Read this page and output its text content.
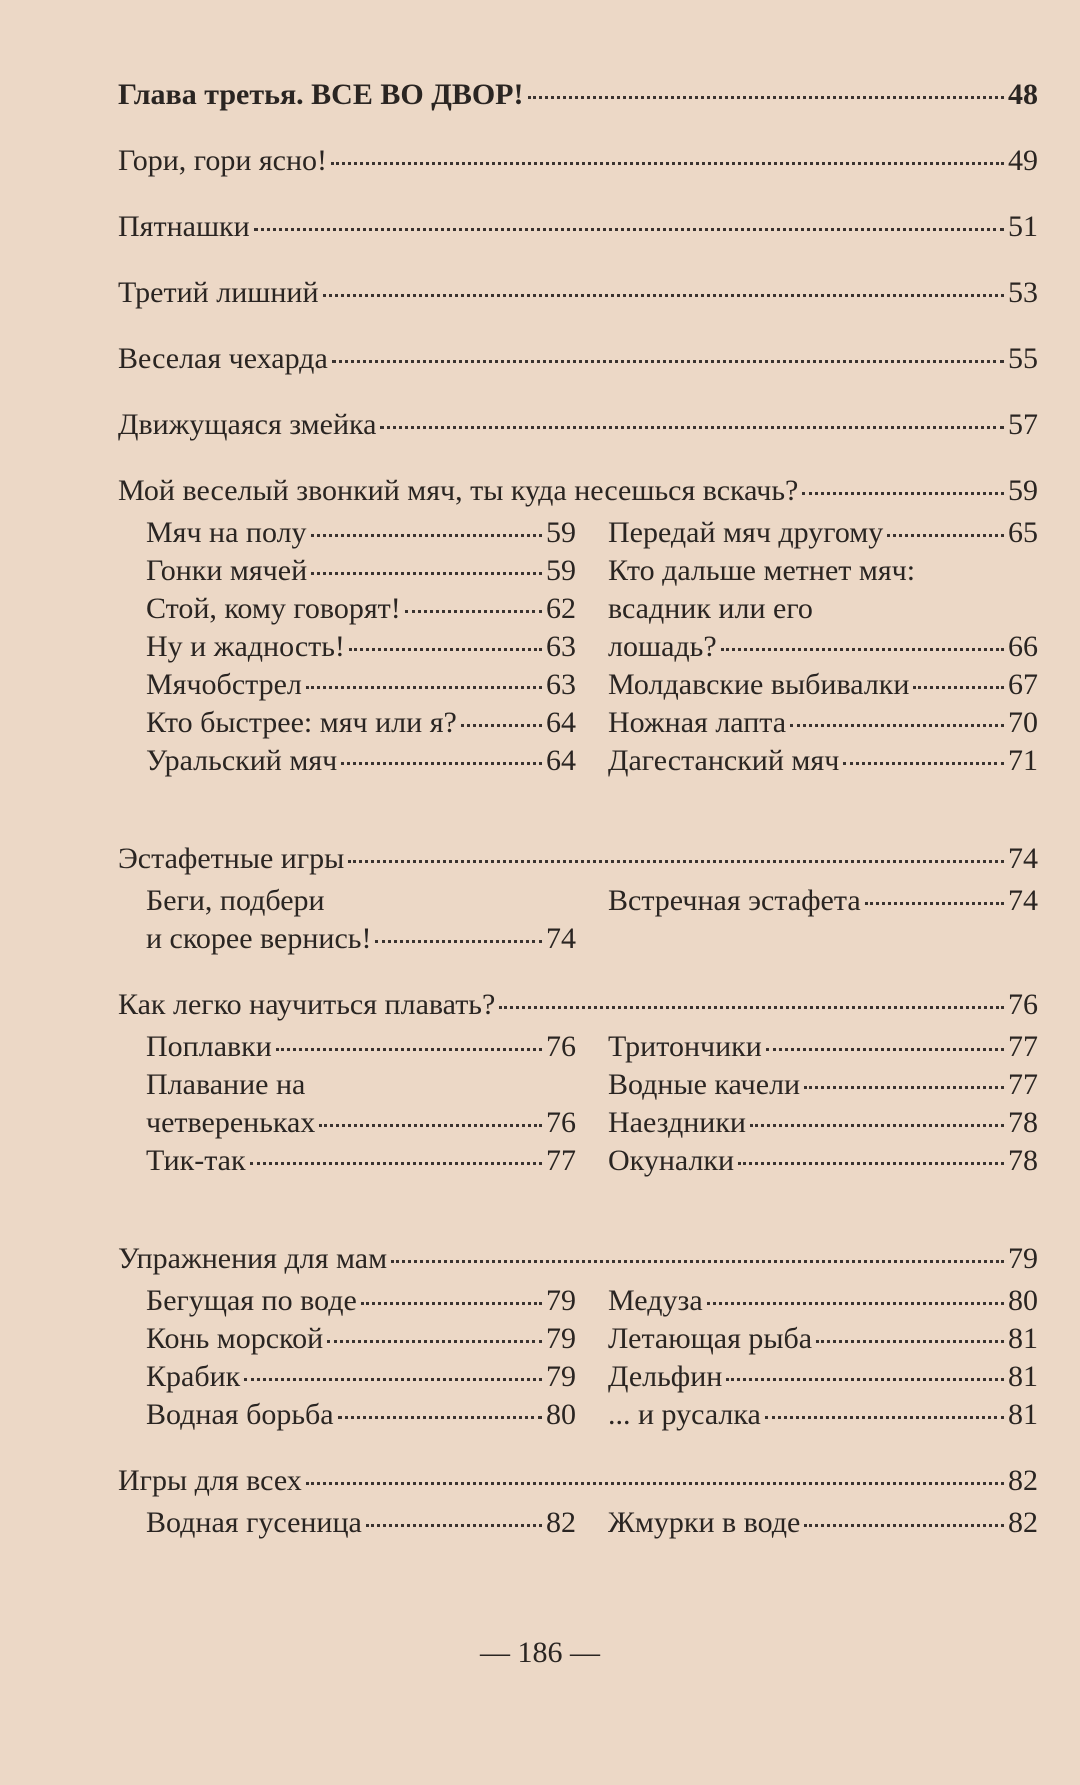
Глава третья. ВСЕ ВО ДВОР!	48
Гори, гори ясно!	49
Пятнашки	51
Третий лишний	53
Веселая чехарда	55
Движущаяся змейка	57
Мой веселый звонкий мяч, ты куда несешься вскачь?	59
Мяч на полу	59
Гонки мячей	59
Стой, кому говорят!	62
Ну и жадность!	63
Мячобстрел	63
Кто быстрее: мяч или я?	64
Уральский мяч	64
Передай мяч другому	65
Кто дальше метнет мяч:
всадник или его
лошадь?	66
Молдавские выбивалки	67
Ножная лапта	70
Дагестанский мяч	71
Эстафетные игры	74
Беги, подбери
и скорее вернись!	74
Встречная эстафета	74
Как легко научиться плавать?	76
Поплавки	76
Плавание на
четвереньках	76
Тик-так	77
Тритончики	77
Водные качели	77
Наездники	78
Окуналки	78
Упражнения для мам	79
Бегущая по воде	79
Конь морской	79
Крабик	79
Водная борьба	80
Медуза	80
Летающая рыба	81
Дельфин	81
... и русалка	81
Игры для всех	82
Водная гусеница	82 Жмурки в воде	82
— 186 —
